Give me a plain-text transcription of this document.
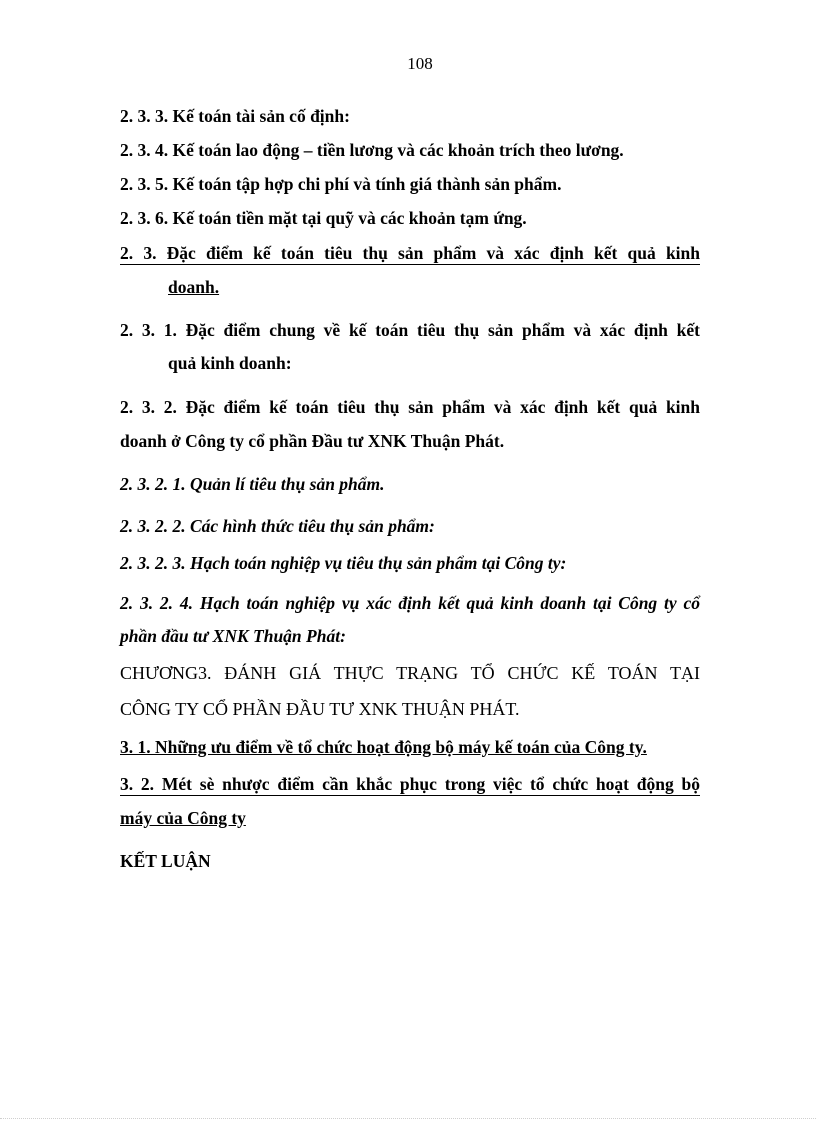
108
2. 3. 3. Kế toán tài sản cố định:
2. 3. 4. Kế toán lao động – tiền lương và các khoản trích theo lương.
2. 3. 5. Kế toán tập hợp chi phí và tính giá thành sản phẩm.
2. 3. 6. Kế toán tiền mặt tại quỹ và các khoản tạm ứng.
2. 3. Đặc điểm kế toán tiêu thụ sản phẩm và xác định kết quả kinh
doanh.
2. 3. 1. Đặc điểm chung về kế toán tiêu thụ sản phẩm và xác định kết
quả kinh doanh:
2. 3. 2. Đặc điểm kế toán tiêu thụ sản phẩm và xác định kết quả kinh
doanh ở Công ty cổ phần Đầu tư XNK Thuận Phát.
2. 3. 2. 1. Quản lí tiêu thụ sản phẩm.
2. 3. 2. 2. Các hình thức tiêu thụ sản phẩm:
2. 3. 2. 3. Hạch toán nghiệp vụ tiêu thụ sản phẩm tại Công ty:
2. 3. 2. 4. Hạch toán nghiệp vụ xác định kết quả kinh doanh tại Công ty cổ
phần đầu tư XNK Thuận Phát:
CHƯƠNG3. ĐÁNH GIÁ THỰC TRẠNG TỔ CHỨC KẾ TOÁN TẠI
CÔNG TY CỔ PHẦN ĐẦU TƯ XNK THUẬN PHÁT.
3. 1. Những ưu điểm về tổ chức hoạt động bộ máy kế toán của Công ty.
3. 2. Mét sè nhược điểm cần khắc phục trong việc tổ chức hoạt động bộ
máy của Công ty
KẾT LUẬN
